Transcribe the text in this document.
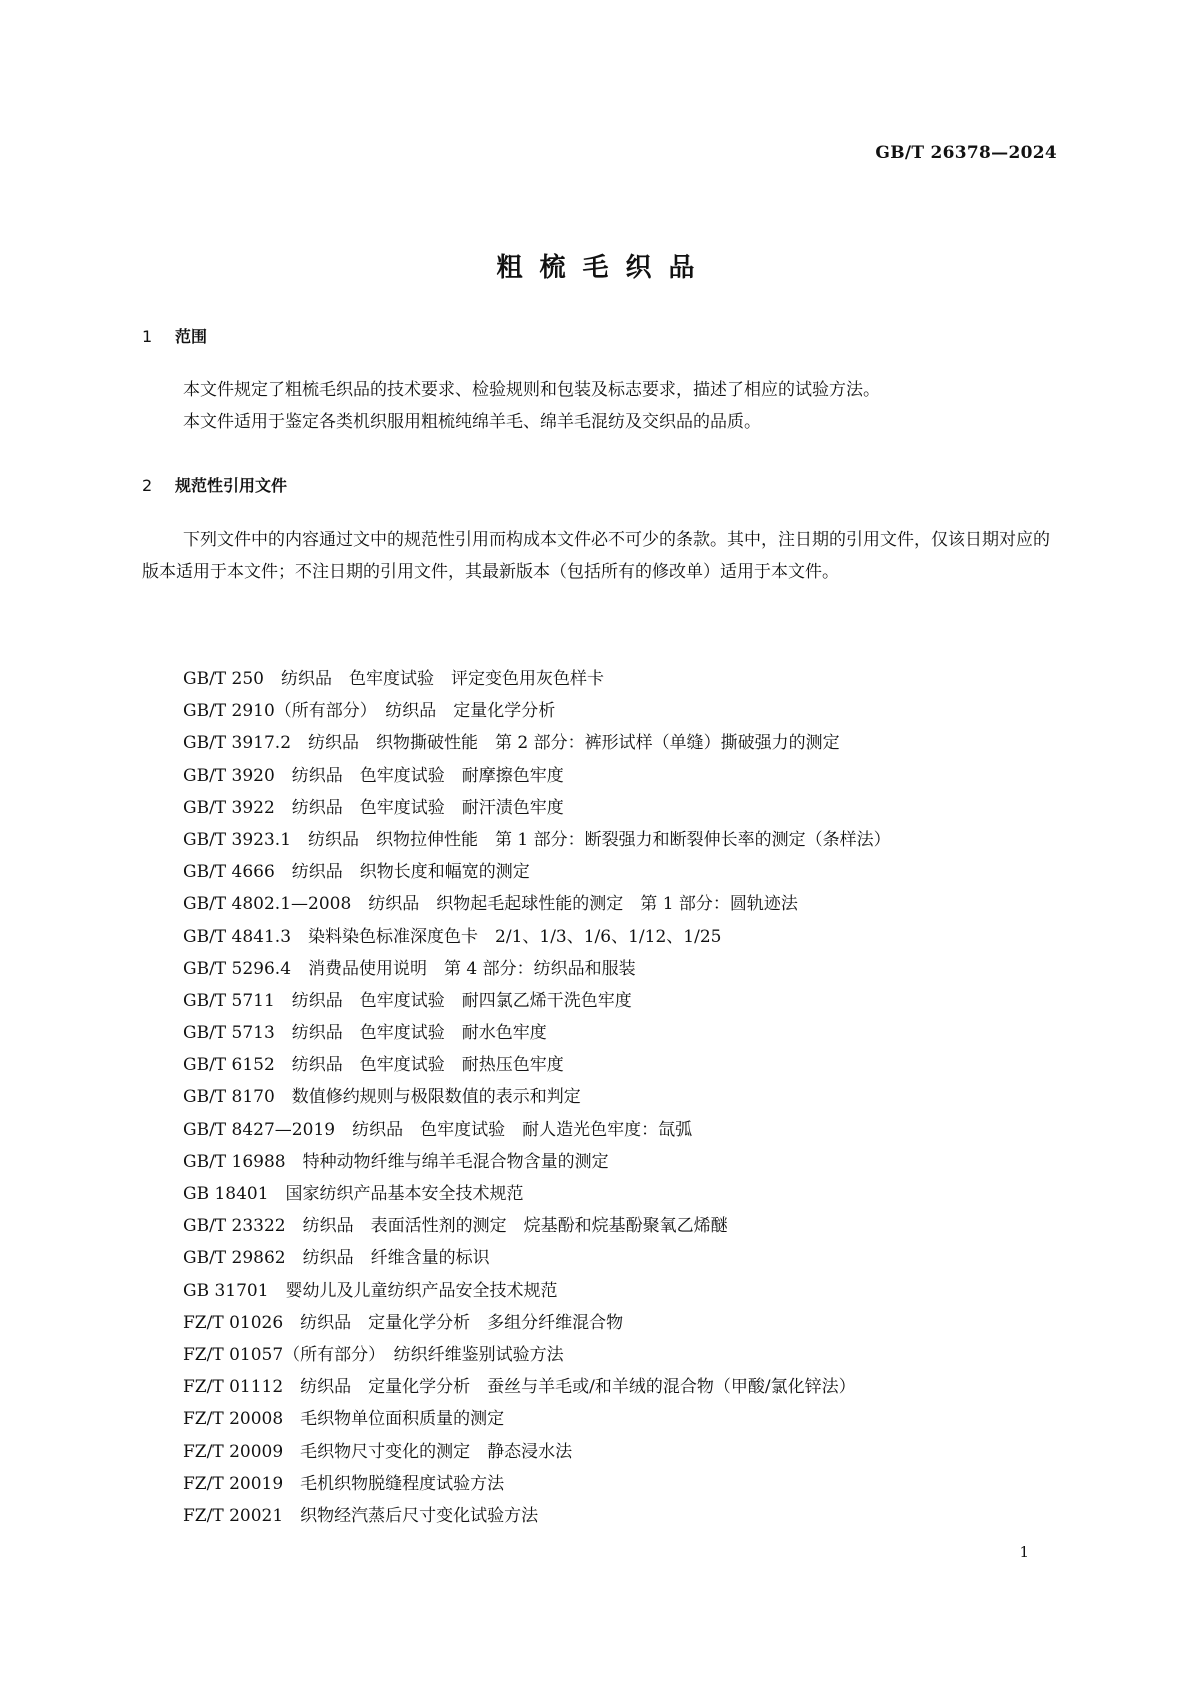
GB/T 26378—2024
粗梳毛织品
1 范围
本文件规定了粗梳毛织品的技术要求、检验规则和包装及标志要求，描述了相应的试验方法。
本文件适用于鉴定各类机织服用粗梳纯绵羊毛、绵羊毛混纺及交织品的品质。
2 规范性引用文件
下列文件中的内容通过文中的规范性引用而构成本文件必不可少的条款。其中，注日期的引用文件，仅该日期对应的版本适用于本文件；不注日期的引用文件，其最新版本（包括所有的修改单）适用于本文件。
GB/T 250　纺织品　色牢度试验　评定变色用灰色样卡
GB/T 2910（所有部分）　纺织品　定量化学分析
GB/T 3917.2　纺织品　织物撕破性能　第 2 部分：裤形试样（单缝）撕破强力的测定
GB/T 3920　纺织品　色牢度试验　耐摩擦色牢度
GB/T 3922　纺织品　色牢度试验　耐汗渍色牢度
GB/T 3923.1　纺织品　织物拉伸性能　第 1 部分：断裂强力和断裂伸长率的测定（条样法）
GB/T 4666　纺织品　织物长度和幅宽的测定
GB/T 4802.1—2008　纺织品　织物起毛起球性能的测定　第 1 部分：圆轨迹法
GB/T 4841.3　染料染色标准深度色卡　2/1、1/3、1/6、1/12、1/25
GB/T 5296.4　消费品使用说明　第 4 部分：纺织品和服装
GB/T 5711　纺织品　色牢度试验　耐四氯乙烯干洗色牢度
GB/T 5713　纺织品　色牢度试验　耐水色牢度
GB/T 6152　纺织品　色牢度试验　耐热压色牢度
GB/T 8170　数值修约规则与极限数值的表示和判定
GB/T 8427—2019　纺织品　色牢度试验　耐人造光色牢度：氙弧
GB/T 16988　特种动物纤维与绵羊毛混合物含量的测定
GB 18401　国家纺织产品基本安全技术规范
GB/T 23322　纺织品　表面活性剂的测定　烷基酚和烷基酚聚氧乙烯醚
GB/T 29862　纺织品　纤维含量的标识
GB 31701　婴幼儿及儿童纺织产品安全技术规范
FZ/T 01026　纺织品　定量化学分析　多组分纤维混合物
FZ/T 01057（所有部分）　纺织纤维鉴别试验方法
FZ/T 01112　纺织品　定量化学分析　蚕丝与羊毛或/和羊绒的混合物（甲酸/氯化锌法）
FZ/T 20008　毛织物单位面积质量的测定
FZ/T 20009　毛织物尺寸变化的测定　静态浸水法
FZ/T 20019　毛机织物脱缝程度试验方法
FZ/T 20021　织物经汽蒸后尺寸变化试验方法
1
